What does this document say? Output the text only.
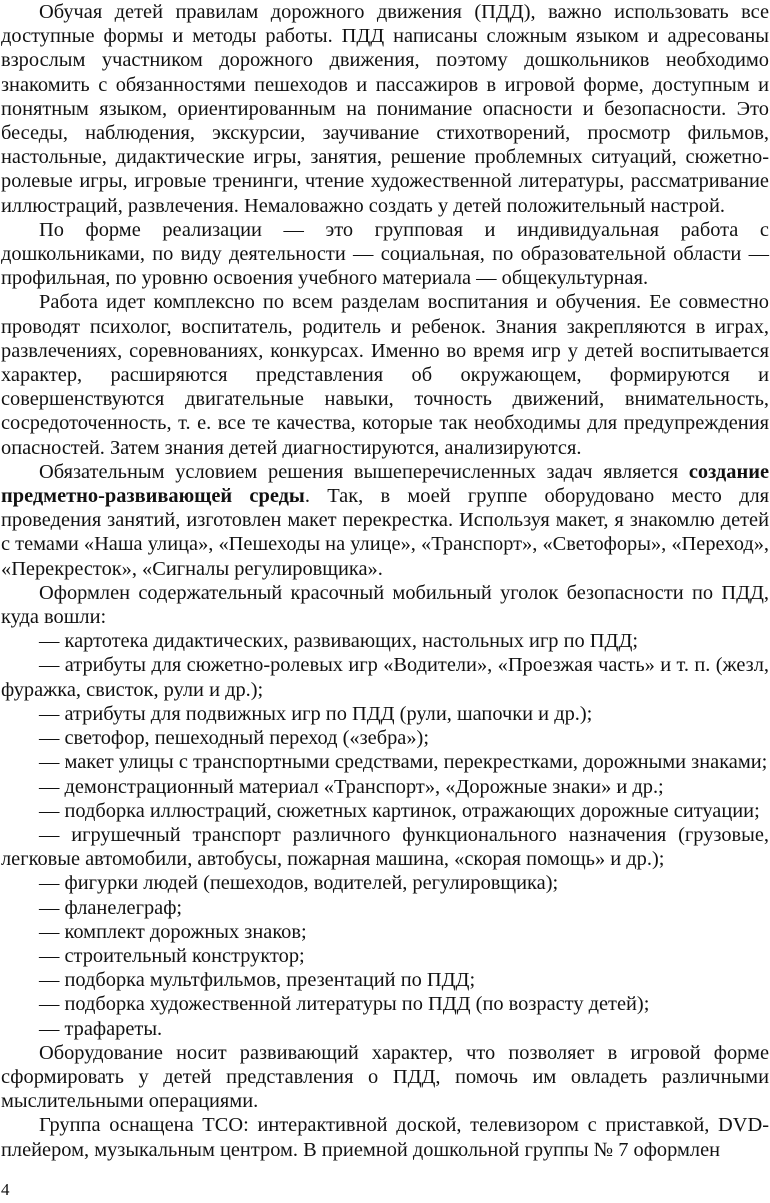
Обучая детей правилам дорожного движения (ПДД), важно использовать все доступные формы и методы работы. ПДД написаны сложным языком и адресованы взрослым участником дорожного движения, поэтому дошкольников необходимо знакомить с обязанностями пешеходов и пассажиров в игровой форме, доступным и понятным языком, ориентированным на понимание опасности и безопасности. Это беседы, наблюдения, экскурсии, заучивание стихотворений, просмотр фильмов, настольные, дидактические игры, занятия, решение проблемных ситуаций, сюжетно-ролевые игры, игровые тренинги, чтение художественной литературы, рассматривание иллюстраций, развлечения. Немаловажно создать у детей положительный настрой.

По форме реализации — это групповая и индивидуальная работа с дошкольниками, по виду деятельности — социальная, по образовательной области — профильная, по уровню освоения учебного материала — общекультурная.

Работа идет комплексно по всем разделам воспитания и обучения. Ее совместно проводят психолог, воспитатель, родитель и ребенок. Знания закрепляются в играх, развлечениях, соревнованиях, конкурсах. Именно во время игр у детей воспитывается характер, расширяются представления об окружающем, формируются и совершенствуются двигательные навыки, точность движений, внимательность, сосредоточенность, т. е. все те качества, которые так необходимы для предупреждения опасностей. Затем знания детей диагностируются, анализируются.

Обязательным условием решения вышеперечисленных задач является создание предметно-развивающей среды. Так, в моей группе оборудовано место для проведения занятий, изготовлен макет перекрестка. Используя макет, я знакомлю детей с темами «Наша улица», «Пешеходы на улице», «Транспорт», «Светофоры», «Переход», «Перекресток», «Сигналы регулировщика».

Оформлен содержательный красочный мобильный уголок безопасности по ПДД, куда вошли:

— картотека дидактических, развивающих, настольных игр по ПДД;

— атрибуты для сюжетно-ролевых игр «Водители», «Проезжая часть» и т. п. (жезл, фуражка, свисток, рули и др.);

— атрибуты для подвижных игр по ПДД (рули, шапочки и др.);

— светофор, пешеходный переход («зебра»);

— макет улицы с транспортными средствами, перекрестками, дорожными знаками;

— демонстрационный материал «Транспорт», «Дорожные знаки» и др.;

— подборка иллюстраций, сюжетных картинок, отражающих дорожные ситуации;

— игрушечный транспорт различного функционального назначения (грузовые, легковые автомобили, автобусы, пожарная машина, «скорая помощь» и др.);

— фигурки людей (пешеходов, водителей, регулировщика);

— фланелеграф;

— комплект дорожных знаков;

— строительный конструктор;

— подборка мультфильмов, презентаций по ПДД;

— подборка художественной литературы по ПДД (по возрасту детей);

— трафареты.

Оборудование носит развивающий характер, что позволяет в игровой форме сформировать у детей представления о ПДД, помочь им овладеть различными мыслительными операциями.

Группа оснащена ТСО: интерактивной доской, телевизором с приставкой, DVD-плейером, музыкальным центром. В приемной дошкольной группы № 7 оформлен

4
